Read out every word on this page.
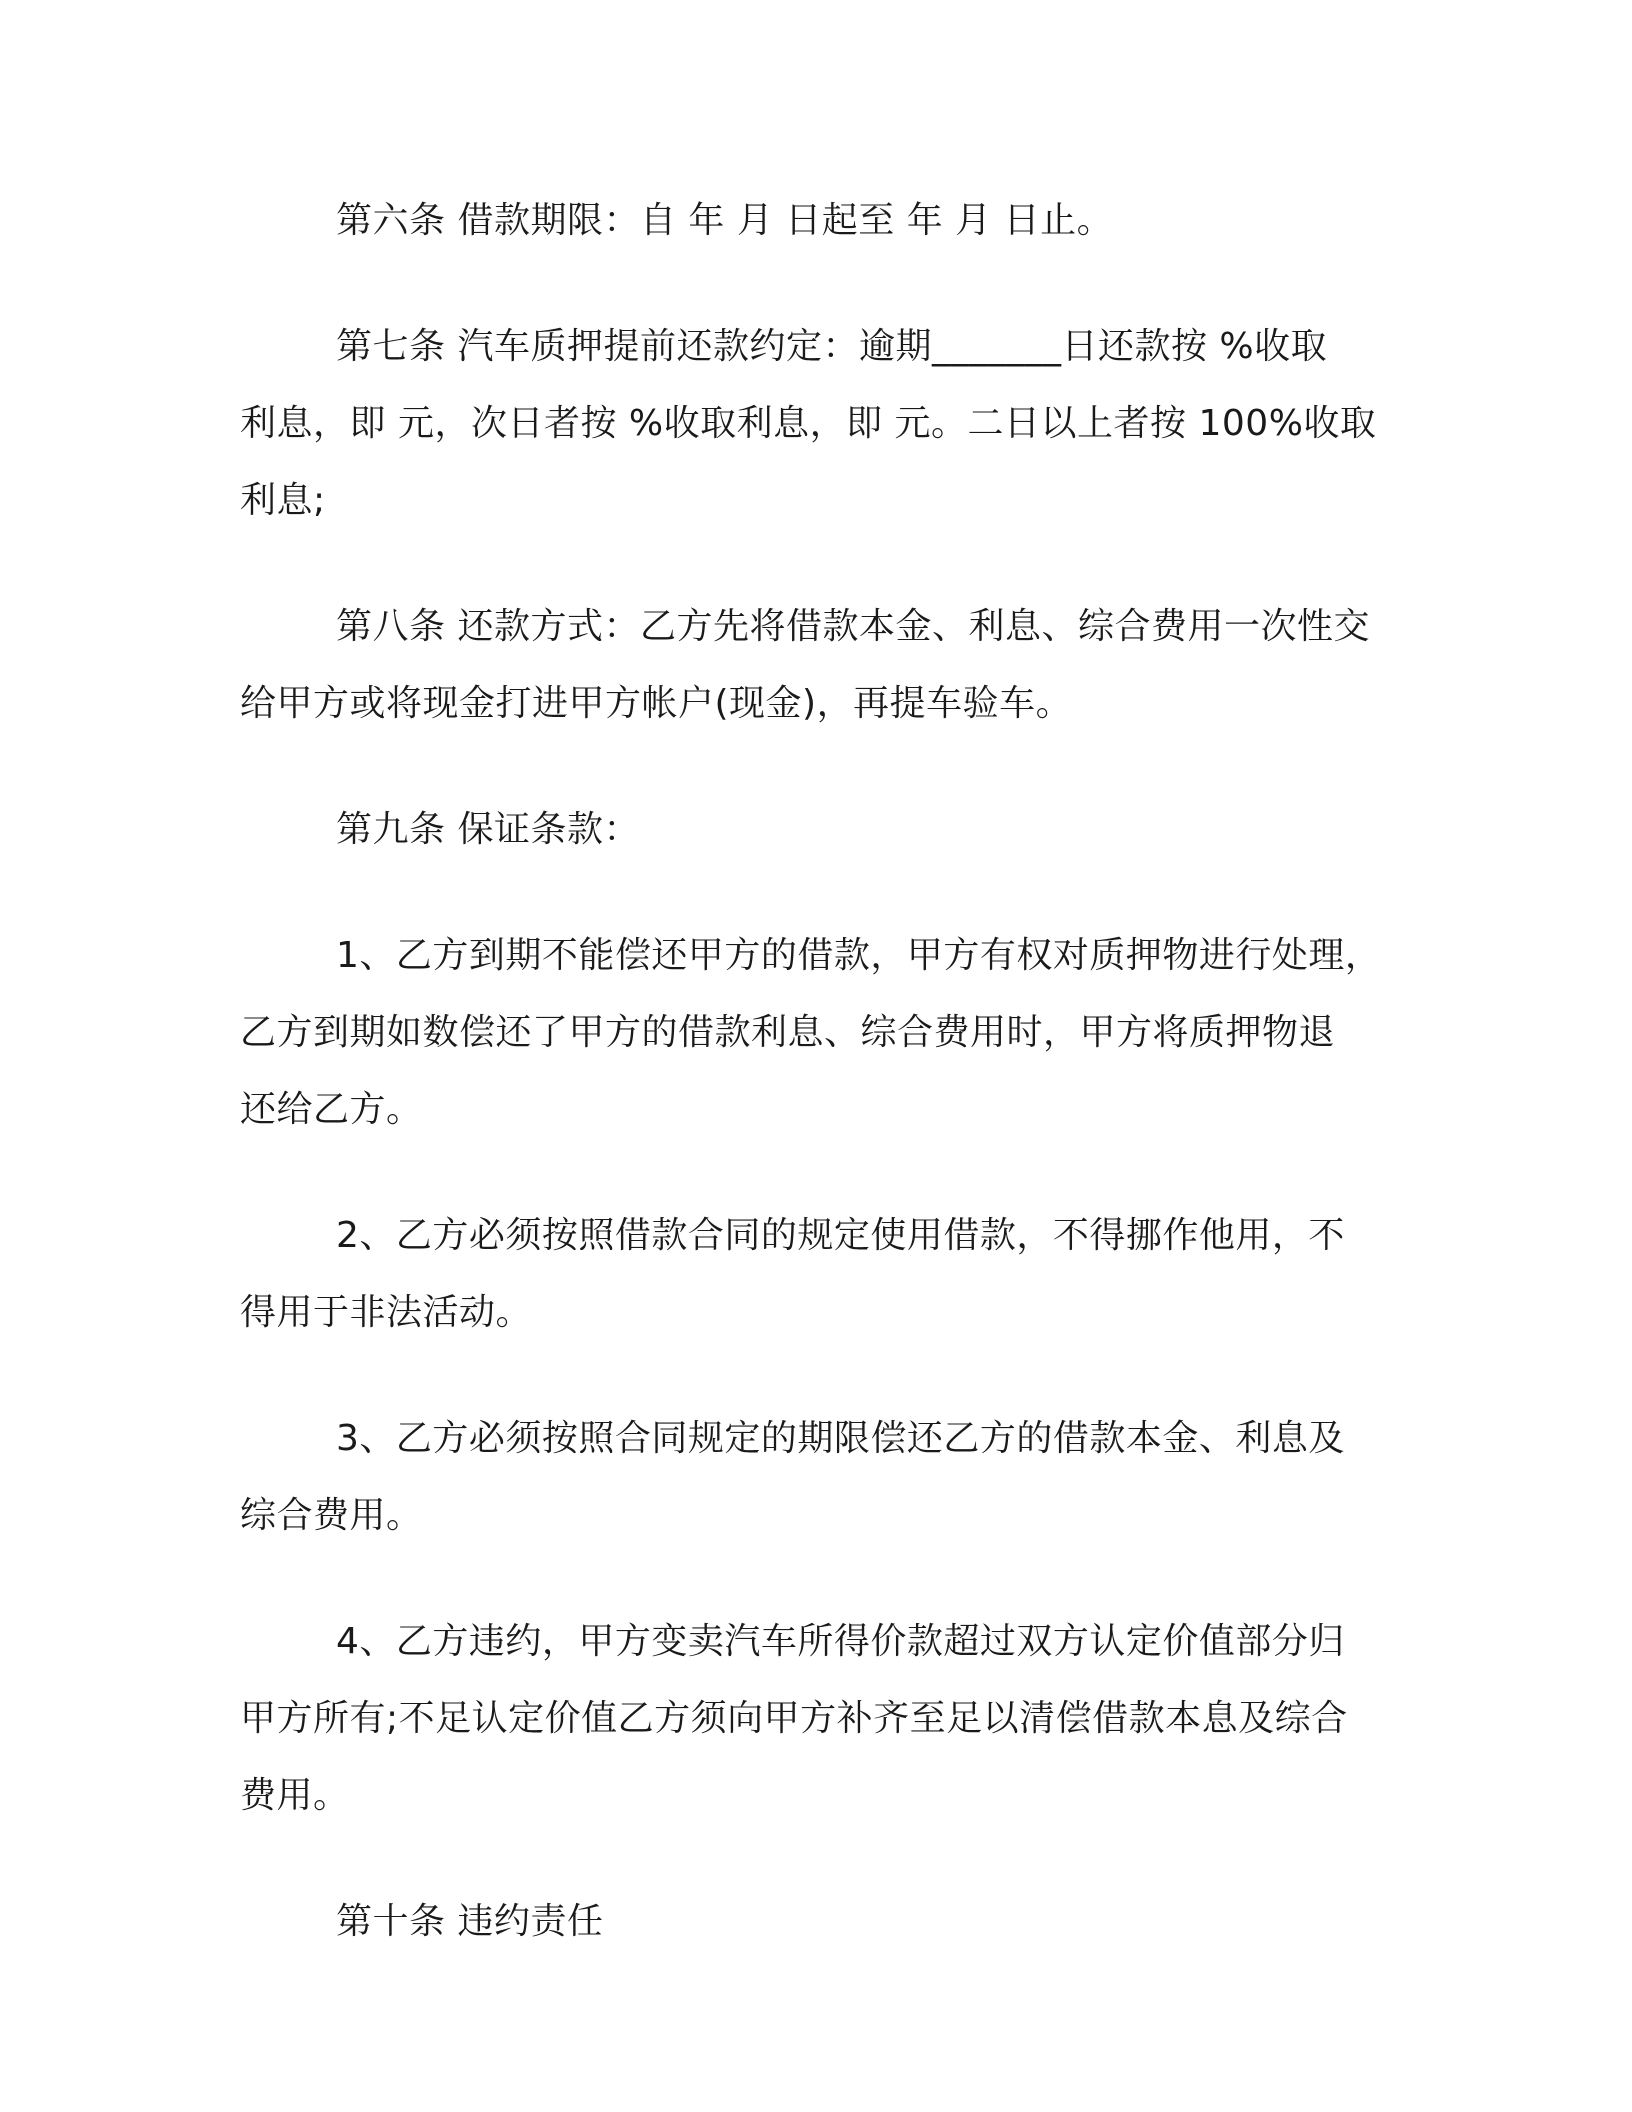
第六条 借款期限：自 年 月 日起至 年 月 日止。
第七条 汽车质押提前还款约定：逾期_______日还款按 %收取
利息，即 元，次日者按 %收取利息，即 元。二日以上者按 100%收取
利息;
第八条 还款方式：乙方先将借款本金、利息、综合费用一次性交
给甲方或将现金打进甲方帐户(现金)，再提车验车。
第九条 保证条款：
1、乙方到期不能偿还甲方的借款，甲方有权对质押物进行处理，
乙方到期如数偿还了甲方的借款利息、综合费用时，甲方将质押物退
还给乙方。
2、乙方必须按照借款合同的规定使用借款，不得挪作他用，不
得用于非法活动。
3、乙方必须按照合同规定的期限偿还乙方的借款本金、利息及
综合费用。
4、乙方违约，甲方变卖汽车所得价款超过双方认定价值部分归
甲方所有;不足认定价值乙方须向甲方补齐至足以清偿借款本息及综合
费用。
第十条 违约责任
